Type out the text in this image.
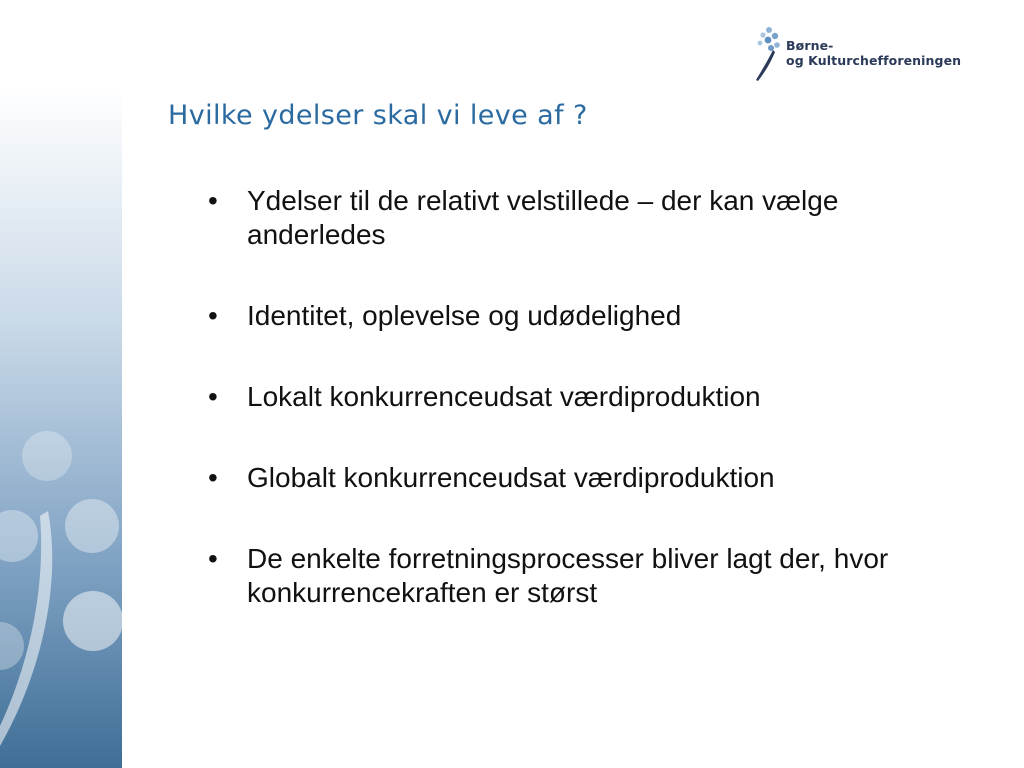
Børne-
og Kulturchefforeningen
Hvilke ydelser skal vi leve af ?
• Ydelser til de relativt velstillede – der kan vælge anderledes
• Identitet, oplevelse og udødelighed
• Lokalt konkurrenceudsat værdiproduktion
• Globalt konkurrenceudsat værdiproduktion
• De enkelte forretningsprocesser bliver lagt der, hvor konkurrencekraften er størst
